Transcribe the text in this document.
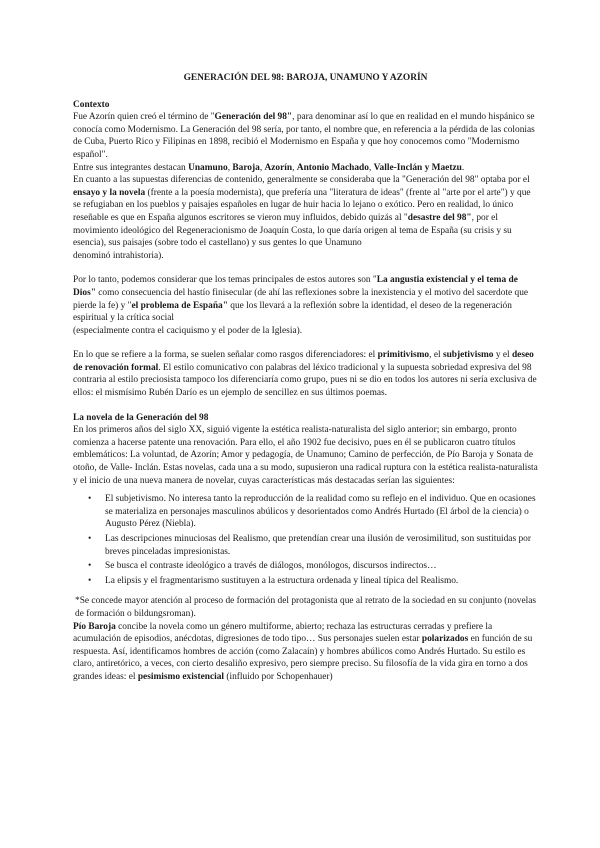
GENERACIÓN DEL 98: BAROJA, UNAMUNO Y AZORÍN

Contexto

Fue Azorín quien creó el término de "Generación del 98", para denominar así lo que en realidad en el mundo hispánico se conocía como Modernismo. La Generación del 98 sería, por tanto, el nombre que, en referencia a la pérdida de las colonias de Cuba, Puerto Rico y Filipinas en 1898, recibió el Modernismo en España y que hoy conocemos como "Modernismo español".

Entre sus integrantes destacan Unamuno, Baroja, Azorín, Antonio Machado, Valle-Inclán y Maetzu.

En cuanto a las supuestas diferencias de contenido, generalmente se consideraba que la "Generación del 98" optaba por el ensayo y la novela (frente a la poesía modernista), que prefería una "literatura de ideas" (frente al "arte por el arte") y que se refugiaban en los pueblos y paisajes españoles en lugar de huir hacia lo lejano o exótico. Pero en realidad, lo único reseñable es que en España algunos escritores se vieron muy influidos, debido quizás al "desastre del 98", por el movimiento ideológico del Regeneracionismo de Joaquín Costa, lo que daría origen al tema de España (su crisis y su esencia), sus paisajes (sobre todo el castellano) y sus gentes lo que Unamuno

denominó intrahistoria).

Por lo tanto, podemos considerar que los temas principales de estos autores son "La angustia existencial y el tema de Dios" como consecuencia del hastío finisecular (de ahí las reflexiones sobre la inexistencia y el motivo del sacerdote que pierde la fe) y "el problema de España" que los llevará a la reflexión sobre la identidad, el deseo de la regeneración espiritual y la crítica social

(especialmente contra el caciquismo y el poder de la Iglesia).

En lo que se refiere a la forma, se suelen señalar como rasgos diferenciadores: el primitivismo, el subjetivismo y el deseo de renovación formal. El estilo comunicativo con palabras del léxico tradicional y la supuesta sobriedad expresiva del 98 contraria al estilo preciosista tampoco los diferenciaría como grupo, pues ni se dio en todos los autores ni sería exclusiva de ellos: el mismísimo Rubén Darío es un ejemplo de sencillez en sus últimos poemas.

La novela de la Generación del 98

En los primeros años del siglo XX, siguió vigente la estética realista-naturalista del siglo anterior; sin embargo, pronto comienza a hacerse patente una renovación. Para ello, el año 1902 fue decisivo, pues en él se publicaron cuatro títulos emblemáticos: La voluntad, de Azorín; Amor y pedagogía, de Unamuno; Camino de perfección, de Pío Baroja y Sonata de otoño, de Valle- Inclán. Estas novelas, cada una a su modo, supusieron una radical ruptura con la estética realista-naturalista y el inicio de una nueva manera de novelar, cuyas características más destacadas serían las siguientes:

• El subjetivismo. No interesa tanto la reproducción de la realidad como su reflejo en el individuo. Que en ocasiones se materializa en personajes masculinos abúlicos y desorientados como Andrés Hurtado (El árbol de la ciencia) o Augusto Pérez (Niebla).
• Las descripciones minuciosas del Realismo, que pretendían crear una ilusión de verosimilitud, son sustituidas por breves pinceladas impresionistas.
• Se busca el contraste ideológico a través de diálogos, monólogos, discursos indirectos…
• La elipsis y el fragmentarismo sustituyen a la estructura ordenada y lineal típica del Realismo.

*Se concede mayor atención al proceso de formación del protagonista que al retrato de la sociedad en su conjunto (novelas de formación o bildungsroman).

Pío Baroja concibe la novela como un género multiforme, abierto; rechaza las estructuras cerradas y prefiere la acumulación de episodios, anécdotas, digresiones de todo tipo… Sus personajes suelen estar polarizados en función de su respuesta. Así, identificamos hombres de acción (como Zalacaín) y hombres abúlicos como Andrés Hurtado. Su estilo es claro, antiretórico, a veces, con cierto desaliño expresivo, pero siempre preciso. Su filosofía de la vida gira en torno a dos grandes ideas: el pesimismo existencial (influido por Schopenhauer)
